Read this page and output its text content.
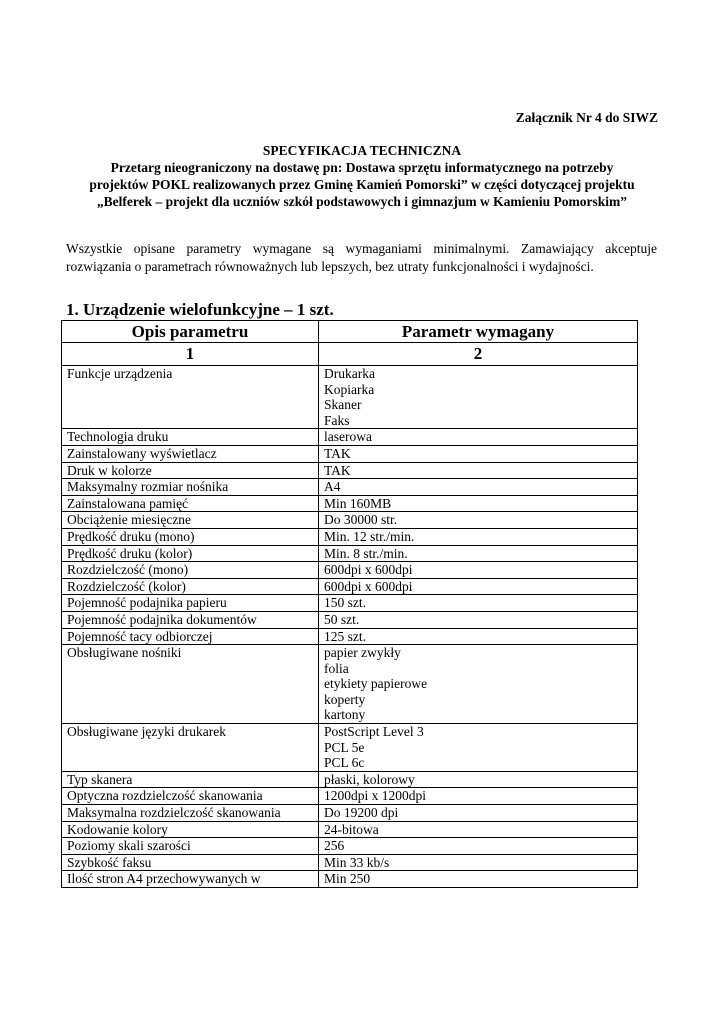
Załącznik Nr 4 do SIWZ
SPECYFIKACJA TECHNICZNA
Przetarg nieograniczony na dostawę pn: Dostawa sprzętu informatycznego na potrzeby
projektów POKL realizowanych przez Gminę Kamień Pomorski” w części dotyczącej projektu
„Belferek – projekt dla uczniów szkół podstawowych i gimnazjum w Kamieniu Pomorskim”
Wszystkie opisane parametry wymagane są wymaganiami minimalnymi. Zamawiający akceptuje rozwiązania o parametrach równoważnych lub lepszych, bez utraty funkcjonalności i wydajności.
1. Urządzenie wielofunkcyjne – 1 szt.
Opis parametru	Parametr wymagany
1	2
Funkcje urządzenia	Drukarka
Kopiarka
Skaner
Faks

Technologia druku	laserowa

Zainstalowany wyświetlacz	TAK

Druk w kolorze	TAK

Maksymalny rozmiar nośnika	A4

Zainstalowana pamięć	Min 160MB

Obciążenie miesięczne	Do 30000 str.

Prędkość druku (mono)	Min. 12 str./min.

Prędkość druku (kolor)	Min. 8 str./min.

Rozdzielczość (mono)	600dpi x 600dpi

Rozdzielczość (kolor)	600dpi x 600dpi

Pojemność podajnika papieru	150 szt.

Pojemność podajnika dokumentów	50 szt.

Pojemność tacy odbiorczej	125 szt.

Obsługiwane nośniki	papier zwykły
folia
etykiety papierowe
koperty
kartony

Obsługiwane języki drukarek	PostScript Level 3
PCL 5e
PCL 6c

Typ skanera	płaski, kolorowy

Optyczna rozdzielczość skanowania	1200dpi x 1200dpi

Maksymalna rozdzielczość skanowania	Do 19200 dpi

Kodowanie kolory	24-bitowa

Poziomy skali szarości	256

Szybkość faksu	Min 33 kb/s

Ilość stron A4 przechowywanych w	Min 250
